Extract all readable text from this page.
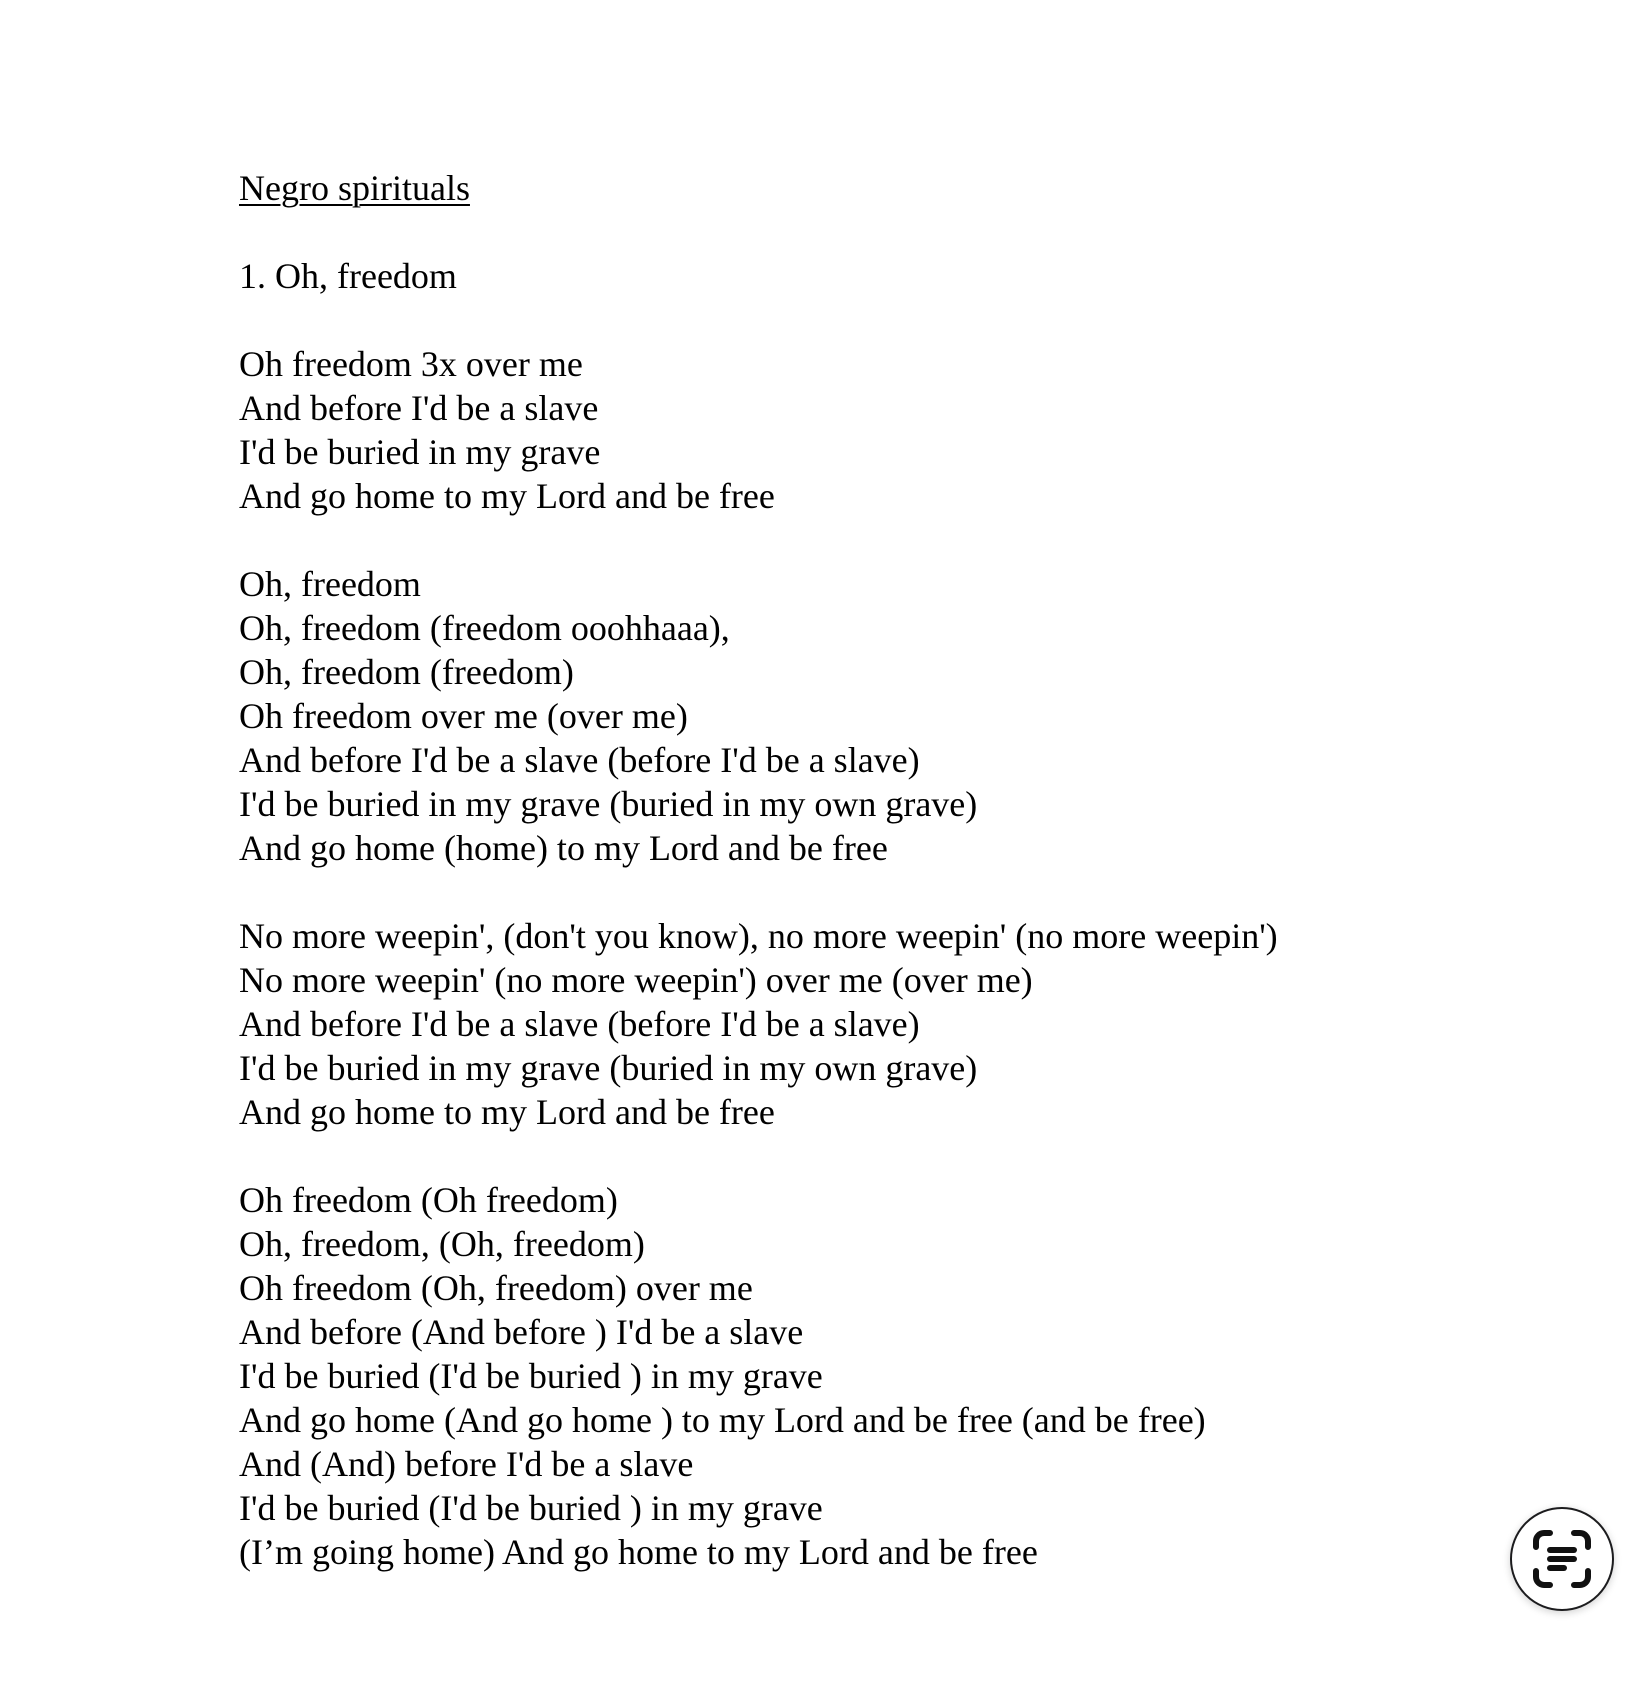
Negro spirituals
1. Oh, freedom
Oh freedom 3x over me
And before I'd be a slave
I'd be buried in my grave
And go home to my Lord and be free
Oh, freedom
Oh, freedom (freedom ooohhaaa),
Oh, freedom (freedom)
Oh freedom over me (over me)
And before I'd be a slave (before I'd be a slave)
I'd be buried in my grave (buried in my own grave)
And go home (home) to my Lord and be free
No more weepin', (don't you know), no more weepin' (no more weepin')
No more weepin' (no more weepin') over me (over me)
And before I'd be a slave (before I'd be a slave)
I'd be buried in my grave (buried in my own grave)
And go home to my Lord and be free
Oh freedom (Oh freedom)
Oh, freedom, (Oh, freedom)
Oh freedom (Oh, freedom) over me
And before (And before ) I'd be a slave
I'd be buried (I'd be buried ) in my grave
And go home (And go home ) to my Lord and be free (and be free)
And (And) before I'd be a slave
I'd be buried (I'd be buried ) in my grave
(I’m going home) And go home to my Lord and be free
